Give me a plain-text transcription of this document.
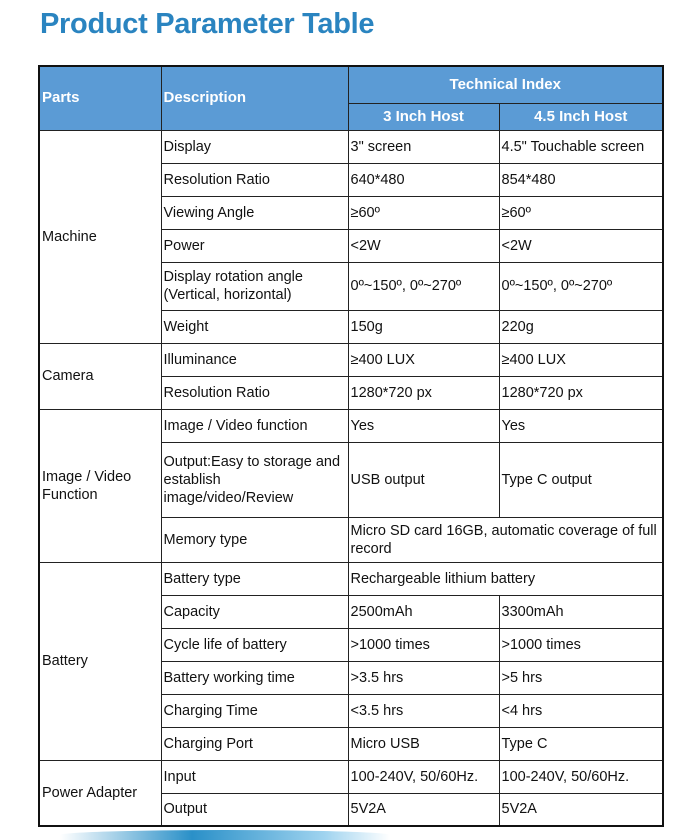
Product Parameter Table
Parts	Description	Technical Index	
		3 Inch Host	4.5 Inch Host
Machine	Display	3" screen	4.5" Touchable screen
	Resolution Ratio	640*480	854*480
	Viewing Angle	≥60º	≥60º
	Power	<2W	<2W
	Display rotation angle (Vertical, horizontal)	0º~150º, 0º~270º	0º~150º, 0º~270º
	Weight	150g	220g
Camera	Illuminance	≥400 LUX	≥400 LUX
	Resolution Ratio	1280*720 px	1280*720 px
Image / Video Function	Image / Video function	Yes	Yes
	Output:Easy to storage and establish image/video/Review	USB output	Type C output
	Memory type	Micro SD card 16GB, automatic coverage of full record	
Battery	Battery type	Rechargeable lithium battery	
	Capacity	2500mAh	3300mAh
	Cycle life of battery	>1000 times	>1000 times
	Battery working time	>3.5 hrs	>5 hrs
	Charging Time	<3.5 hrs	<4 hrs
	Charging Port	Micro USB	Type C
Power Adapter	Input	100-240V, 50/60Hz.	100-240V, 50/60Hz.
	Output	5V2A	5V2A
